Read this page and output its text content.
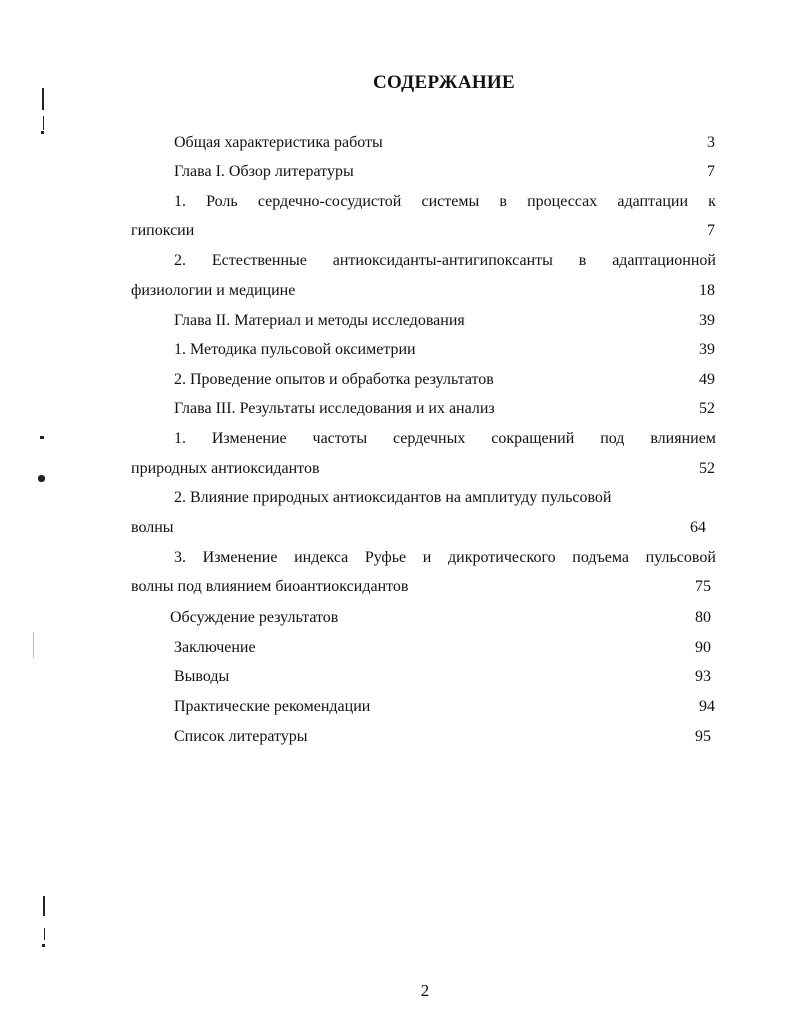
СОДЕРЖАНИЕ
Общая характеристика работы	3
Глава I. Обзор литературы	7
1. Роль сердечно-сосудистой системы в процессах адаптации к
гипоксии	7
2. Естественные антиоксиданты-антигипоксанты в адаптационной
физиологии и медицине	18
Глава II. Материал и методы исследования	39
1. Методика пульсовой оксиметрии	39
2. Проведение опытов и обработка результатов	49
Глава III. Результаты исследования и их анализ	52
1. Изменение частоты сердечных сокращений под влиянием
природных антиоксидантов	52
2. Влияние природных антиоксидантов на амплитуду пульсовой
волны	64
3. Изменение индекса Руфье и дикротического подъема пульсовой
волны под влиянием биоантиоксидантов	75
Обсуждение результатов	80
Заключение	90
Выводы	93
Практические рекомендации	94
Список литературы	95
2
